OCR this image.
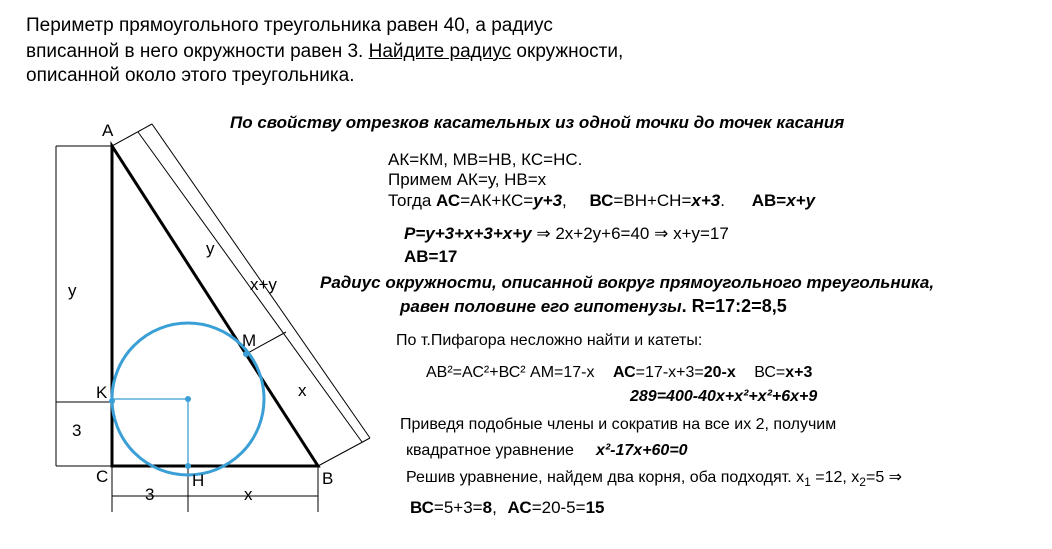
Периметр прямоугольного треугольника равен 40, а радиус
вписанной в него окружности равен 3. Найдите радиус окружности,
описанной около этого треугольника.
A
B
C
M
K
H
y
3
y
x
x+y
3	x
По свойству отрезков касательных из одной точки до точек касания
АК=КМ, МВ=НВ, КС=НС.
Примем АК=у, НВ=х
Тогда АС=АК+КС=у+3, ВС=ВН+СН=х+3. АВ=х+у
Р=у+3+х+3+х+у ⇒ 2х+2у+6=40 ⇒ х+у=17
АВ=17
Радиус окружности, описанной вокруг прямоугольного треугольника,
равен половине его гипотенузы. R=17:2=8,5
По т.Пифагора несложно найти и катеты:
АВ²=АС²+ВС² АМ=17-х АС=17-х+3=20-х ВС=х+3
289=400-40х+х²+х²+6х+9
Приведя подобные члены и сократив на все их 2, получим
квадратное уравнение х²-17х+60=0
Решив уравнение, найдем два корня, оба подходят. $х_1 =12$, $х_2=5$ ⇒
ВС=5+3=8, АС=20-5=15
